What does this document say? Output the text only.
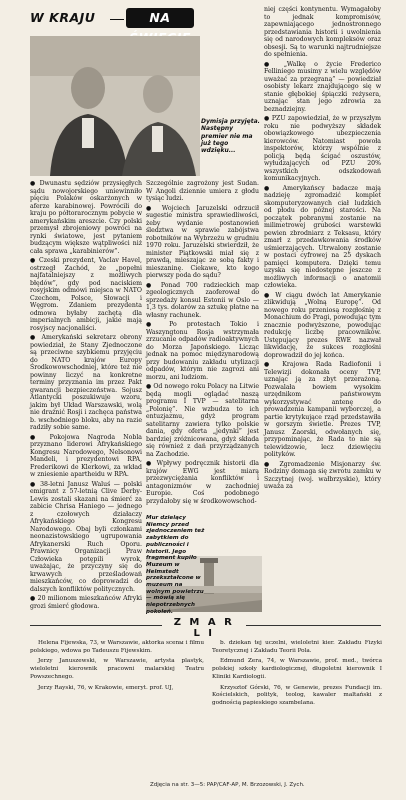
W KRAJU	NA
Dymisja przyjęta. Następny premier nie ma już tego wdzięku...

● Dwunastu sędziów przysięgłych sądu nowojorskiego uniewinniło pięciu Polaków oskarżonych w aferze karabinowej. Powrócili do kraju po półtorarocznym pobycie w amerykańskim areszcie. Czy polski przemysł zbrojeniowy powróci na rynki światowe, jest pytaniem budzącym większe wątpliwości niż cała sprawa „karabinierów”.

● Czeski prezydent, Vaclav Havel, ostrzegł Zachód, że „popełni najfatalniejszy z możliwych błędów”, gdy pod naciskiem rosyjskim odmówi miejsca w NATO Czechom, Polsce, Słowacji i Węgrom. Zdaniem prezydenta odmowa byłaby zachętą dla imperialnych ambicji, jakie mają rosyjscy nacjonaliści.

● Amerykański sekretarz obrony powiedział, że Stany Zjednoczone są przeciwne szybkiemu przyjęciu do NATO krajów Europy Środkowowschodniej, które też nie powinny liczyć na konkretne terminy przyznania im przez Pakt gwarancji bezpieczeństwa. Sojusz Atlantycki poszukiwuje wzoru, jakim był Układ Warszawski, wolą nie drażnić Rosji i zachęca państwa b. wschodniego bloku, aby na razie radziły sobie same.

● Pokojowa Nagroda Nobla przyznano liderowi Afrykańskiego Kongresu Narodowego, Nelsonowi Mandeli, i prezydentowi RPA, Frederikowi de Klerkowi, za wkład w zniesienie apartheidu w RPA.

● 38-letni Janusz Waluś — polski emigrant z 57-letnią Clive Derby-Lewis zostali skazani na śmierć za zabicie Chrisa Haniego — jednego z czołowych działaczy Afrykańskiego Kongresu Narodowego. Obaj byli członkami neonazistowskiego ugrupowania Afrykanerski Ruch Oporu. Prawnicy Organizacji Praw Człowieka potępili wyrok, uważając, że przyczyny się do krwawych prześladowań mieszkańców, co doprowadzi do dalszych konfliktów politycznych.

● 20 milionom mieszkańców Afryki grozi śmierć głodowa.

Szczególnie zagrożony jest Sudan. W Angoli dziennie umiera z głodu tysiąc ludzi.

● Wojciech Jaruzelski odrzucił sugestie ministra sprawiedliwości, żeby wydanie postanowień śledztwa w sprawie zabójstwa robotników na Wybrzeżu w grudniu 1970 roku. Jaruzelski stwierdził, że minister Piątkowski miał się z prawdą, mieszając ze sobą fakty i mieszaninę. Ciekawe, kto kogo pierwszy poda do sądu?

● Ponad 700 radzieckich map zgeologicznych zaoferował do sprzedaży konsul Estonii w Oslo — 1,3 tys. dolarów za sztukę płatne na własny rachunek.

● Po protestach Tokio i Waszyngtonu Rosja wstrzymała zrzucanie odpadów radioaktywnych do Morza Japońskiego. Licząc jednak na pomoc międzynarodową przy budowaniu zakładu utylizacji odpadów, którym nie zagrozi ani morzu, ani ludziom.

● Od nowego roku Polacy na Litwie będą mogli oglądać naszą programu I TVP — satelitarna „Polonię”. Nie wzbudza to ich entuzjazmu, gdyż program satelitarny zawiera tylko polskie dania, gdy oferta „jedynki” jest bardziej zróżnicowana, gdyż składa się również z dań przyrządzanych na Zachodzie.

● Wpływy podręcznik historii dla krajów EWG jest miarą przezwyciężania konfliktów i antagonizmów w zachodniej Europie. Coś podobnego przydałoby się w środkowowschod-

niej części kontynentu. Wymagałoby to jednak kompromisów, zapewniającego jednostronnego przedstawiania historii i uwolnienia się od narodowych kompleksów oraz obsesji. Są to warunki najtrudniejsze do spełnienia.

● „Walkę o życie Frederico Felliniego musimy z wielu względów uważać za przegraną” — powiedział osobisty lekarz znajdującego się w stanie głębokiej śpiączki reżysera, uznając stan jego zdrowia za beznadziejny.

● PZU zapowiedział, że w przyszłym roku nie podwyższy składek obowiązkowego ubezpieczenia kierowców. Natomiast powoła inspektorów, którzy wspólnie z policją będą ścigać oszustów, wyłudzających od PZU 20% wszystkich odszkodowań komunikacyjnych.

● Amerykańscy badacze mają nadzieję zgromadzić komplet skomputeryzowanych ciał ludzkich od płodu do późnej starości. Na początek pobranymi zostanie na milimetrowej grubości warstewki pewien zbrodniarz z Teksasu, który zmarł z przedawkowania środków uśmierzających. Utrwalony zostanie w postaci cyfrowej na 25 dyskach pamięci komputera. Dzięki temu uzyska się niedostępne jeszcze z możliwych informacji o anatomii człowieka.

● W ciągu dwóch lat Amerykanie zlikwidują „Wolną Europę”. Od nowego roku przeniosą rozgłośnię z Monachium do Pragi, powodując tym znacznie podwyższone, powodując redukcję liczbę pracowników. Ustępujący prezes RWE nazwał likwidację, że sukces rozgłośni doprowadził do jej końca.

● Krajowa Rada Radiofonii i Telewizji dokonała oceny TVP, uznając ją za zbyt przerażoną. Pozwalała bowiem wysokim urzędnikom państwowym wykorzystywać antenę do prowadzenia kampanii wyborczej, a partie krytykujące rząd przedstawiła w gorszym świetle. Prezes TVP, Janusz Zaorski, odwołanych się, przypominając, że Rada to nie są telewidzowie, lecz dziewięciu polityków.

● Zgromadzenie Misjonarzy św. Rodziny domaga się zwrotu zamku w Szczytnej (woj. wałbrzyskie), który uważa za

Mur dzielący Niemcy przed zjednoczeniem też zabytkiem do publiczności i historii. Jego fragment kupiło Muzeum w Helmstedt przekształcone w muzeum na wolnym powietrzu — mówią się niepotrzebnych pokoleń.
Z M A R L I

Helena Fijewska, 73, w Warszawie, aktorka scenы i filmu polskiego, wdowa po Tadeuszu Fijewskim.

Jerzy Januszewski, w Warszawie, artysta plastyk, wieloletni kierownik pracowni malarskiej Teatru Powszechnego.

Jerzy Rayski, 76, w Krakowie, emeryt. prof. UJ,

b. dziekan tej uczelni, wieloletni kier. Zakładu Fizyki Teoretycznej i Zakładu Teorii Pola.

Edmund Zera, 74, w Warszawie, prof. med., twórca polskiej szkoły kardiologicznej, długoletni kierownik I Kliniki Kardiologii.

Krzysztof Górski, 76, w Genewie, prezes Fundacji im. Kościelskich, polityk, teolog, kawaler maltański z godnością papieskiego szambelana.

Zdjęcia na str. 3—5: PAP/CAF-AP, M. Brzozowski, J. Zych.
